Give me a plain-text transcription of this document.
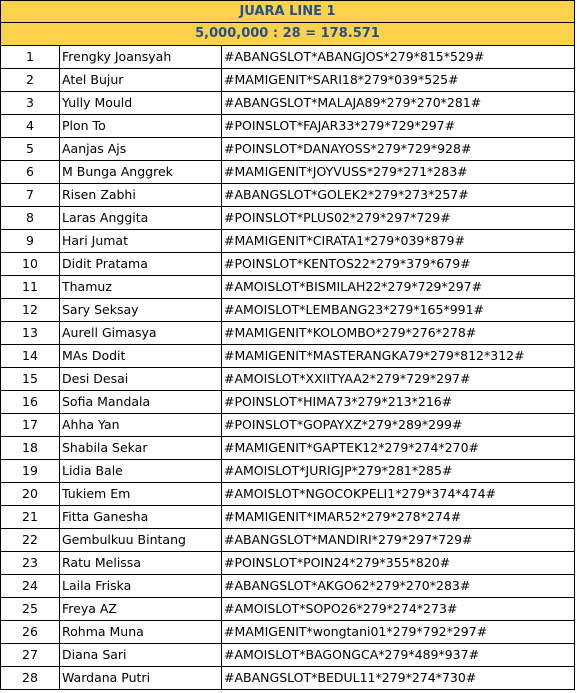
JUARA LINE 1		
5,000,000 : 28 = 178.571		
1	Frengky Joansyah	#ABANGSLOT*ABANGJOS*279*815*529#
2	Atel Bujur	#MAMIGENIT*SARI18*279*039*525#
3	Yully Mould	#ABANGSLOT*MALAJA89*279*270*281#
4	Plon To	#POINSLOT*FAJAR33*279*729*297#
5	Aanjas Ajs	#POINSLOT*DANAYOSS*279*729*928#
6	M Bunga Anggrek	#MAMIGENIT*JOYVUSS*279*271*283#
7	Risen Zabhi	#ABANGSLOT*GOLEK2*279*273*257#
8	Laras Anggita	#POINSLOT*PLUS02*279*297*729#
9	Hari Jumat	#MAMIGENIT*CIRATA1*279*039*879#
10	Didit Pratama	#POINSLOT*KENTOS22*279*379*679#
11	Thamuz	#AMOISLOT*BISMILAH22*279*729*297#
12	Sary Seksay	#AMOISLOT*LEMBANG23*279*165*991#
13	Aurell Gimasya	#MAMIGENIT*KOLOMBO*279*276*278#
14	MAs Dodit	#MAMIGENIT*MASTERANGKA79*279*812*312#
15	Desi Desai	#AMOISLOT*XXIITYAA2*279*729*297#
16	Sofia Mandala	#POINSLOT*HIMA73*279*213*216#
17	Ahha Yan	#POINSLOT*GOPAYXZ*279*289*299#
18	Shabila Sekar	#MAMIGENIT*GAPTEK12*279*274*270#
19	Lidia Bale	#AMOISLOT*JURIGJP*279*281*285#
20	Tukiem Em	#AMOISLOT*NGOCOKPELI1*279*374*474#
21	Fitta Ganesha	#MAMIGENIT*IMAR52*279*278*274#
22	Gembulkuu Bintang	#ABANGSLOT*MANDIRI*279*297*729#
23	Ratu Melissa	#POINSLOT*POIN24*279*355*820#
24	Laila Friska	#ABANGSLOT*AKGO62*279*270*283#
25	Freya AZ	#AMOISLOT*SOPO26*279*274*273#
26	Rohma Muna	#MAMIGENIT*wongtani01*279*792*297#
27	Diana Sari	#AMOISLOT*BAGONGCA*279*489*937#
28	Wardana Putri	#ABANGSLOT*BEDUL11*279*274*730#
